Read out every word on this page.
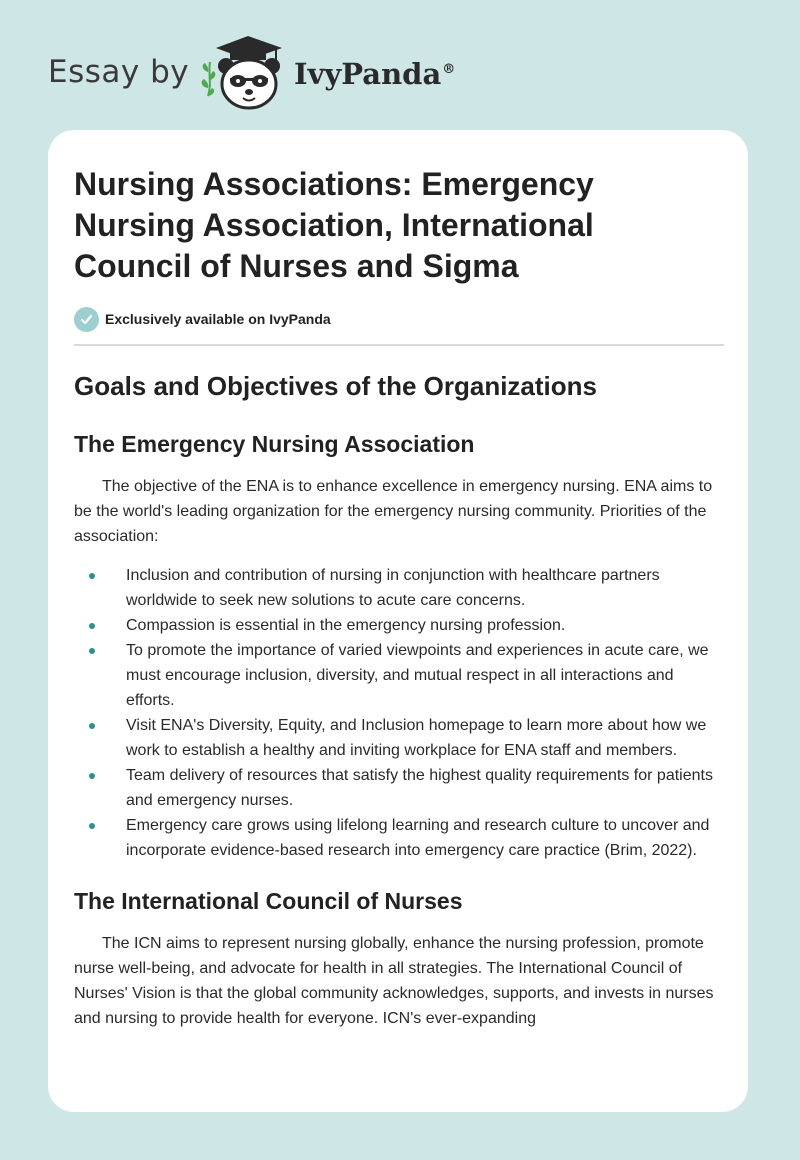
Essay by	IvyPanda®
Nursing Associations: Emergency Nursing Association, International Council of Nurses and Sigma
Exclusively available on IvyPanda
Goals and Objectives of the Organizations
The Emergency Nursing Association

The objective of the ENA is to enhance excellence in emergency nursing. ENA aims to be the world's leading organization for the emergency nursing community. Priorities of the association:

Inclusion and contribution of nursing in conjunction with healthcare partners worldwide to seek new solutions to acute care concerns.
Compassion is essential in the emergency nursing profession.
To promote the importance of varied viewpoints and experiences in acute care, we must encourage inclusion, diversity, and mutual respect in all interactions and efforts.
Visit ENA's Diversity, Equity, and Inclusion homepage to learn more about how we work to establish a healthy and inviting workplace for ENA staff and members.
Team delivery of resources that satisfy the highest quality requirements for patients and emergency nurses.
Emergency care grows using lifelong learning and research culture to uncover and incorporate evidence-based research into emergency care practice (Brim, 2022).
The International Council of Nurses

The ICN aims to represent nursing globally, enhance the nursing profession, promote nurse well-being, and advocate for health in all strategies. The International Council of Nurses' Vision is that the global community acknowledges, supports, and invests in nurses and nursing to provide health for everyone. ICN's ever-expanding
